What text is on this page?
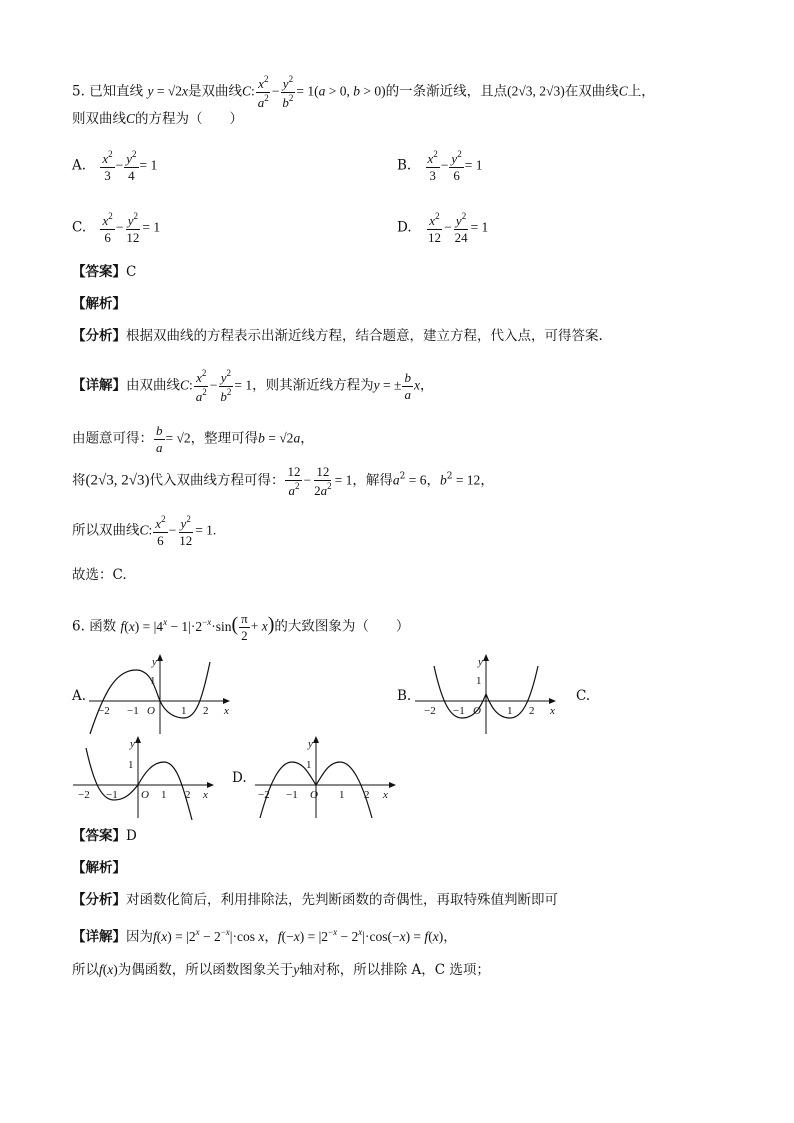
5. 已知直线 y = √2x是双曲线C: $\frac{x^2}{a^2} - \frac{y^2}{b^2} = 1(a > 0$, b > 0)的一条渐近线，且点(2√3, 2√3)在双曲线C上，
则双曲线C的方程为（　　）
A. $\frac{x^2}{3} - \frac{y^2}{4} = 1$	B. $\frac{x^2}{3} - \frac{y^2}{6} = 1$
C. $\frac{x^2}{6} - \frac{y^2}{12} = 1$	D. $\frac{x^2}{12} - \frac{y^2}{24} = 1$
【答案】C
【解析】
【分析】根据双曲线的方程表示出渐近线方程，结合题意，建立方程，代入点，可得答案.
【详解】由双曲线C: $\frac{x^2}{a^2} - \frac{y^2}{b^2} = 1$，则其渐近线方程为y = ± $\frac{b}{a}$ x，
由题意可得： $\frac{b}{a} = √2$，整理可得b = √2a，
将(2√3, 2√3)代入双曲线方程可得： $\frac{12}{a^2} - \frac{12}{2a^2} = 1$，解得$a^2 = 6$，$b^2 = 12$，
所以双曲线C: $\frac{x^2}{6} - \frac{y^2}{12} = 1$.
故选：C.
6. 函数 $f(x) = |4^x - 1|\cdot 2^{-x}\cdot\sin( \frac{\pi}{2} + x)$的大致图象为（　　）
A.	B.	C.
D.
y
1
x
O
−2 −1	1 2
y
1
x
O
−2 −1	1 2
y
1
x
O
−2 −1	1 2
y
1
x
O
−2 −1	1 2
【答案】D
【解析】
【分析】对函数化简后，利用排除法，先判断函数的奇偶性，再取特殊值判断即可
【详解】因为$f(x) = |2^x - 2^{-x}|\cdot\cos$ x，$f(-x) = |2^{-x} - 2^x|\cdot\cos(-x) = f(x)$，
所以f(x)为偶函数，所以函数图象关于y轴对称，所以排除 A，C 选项；
